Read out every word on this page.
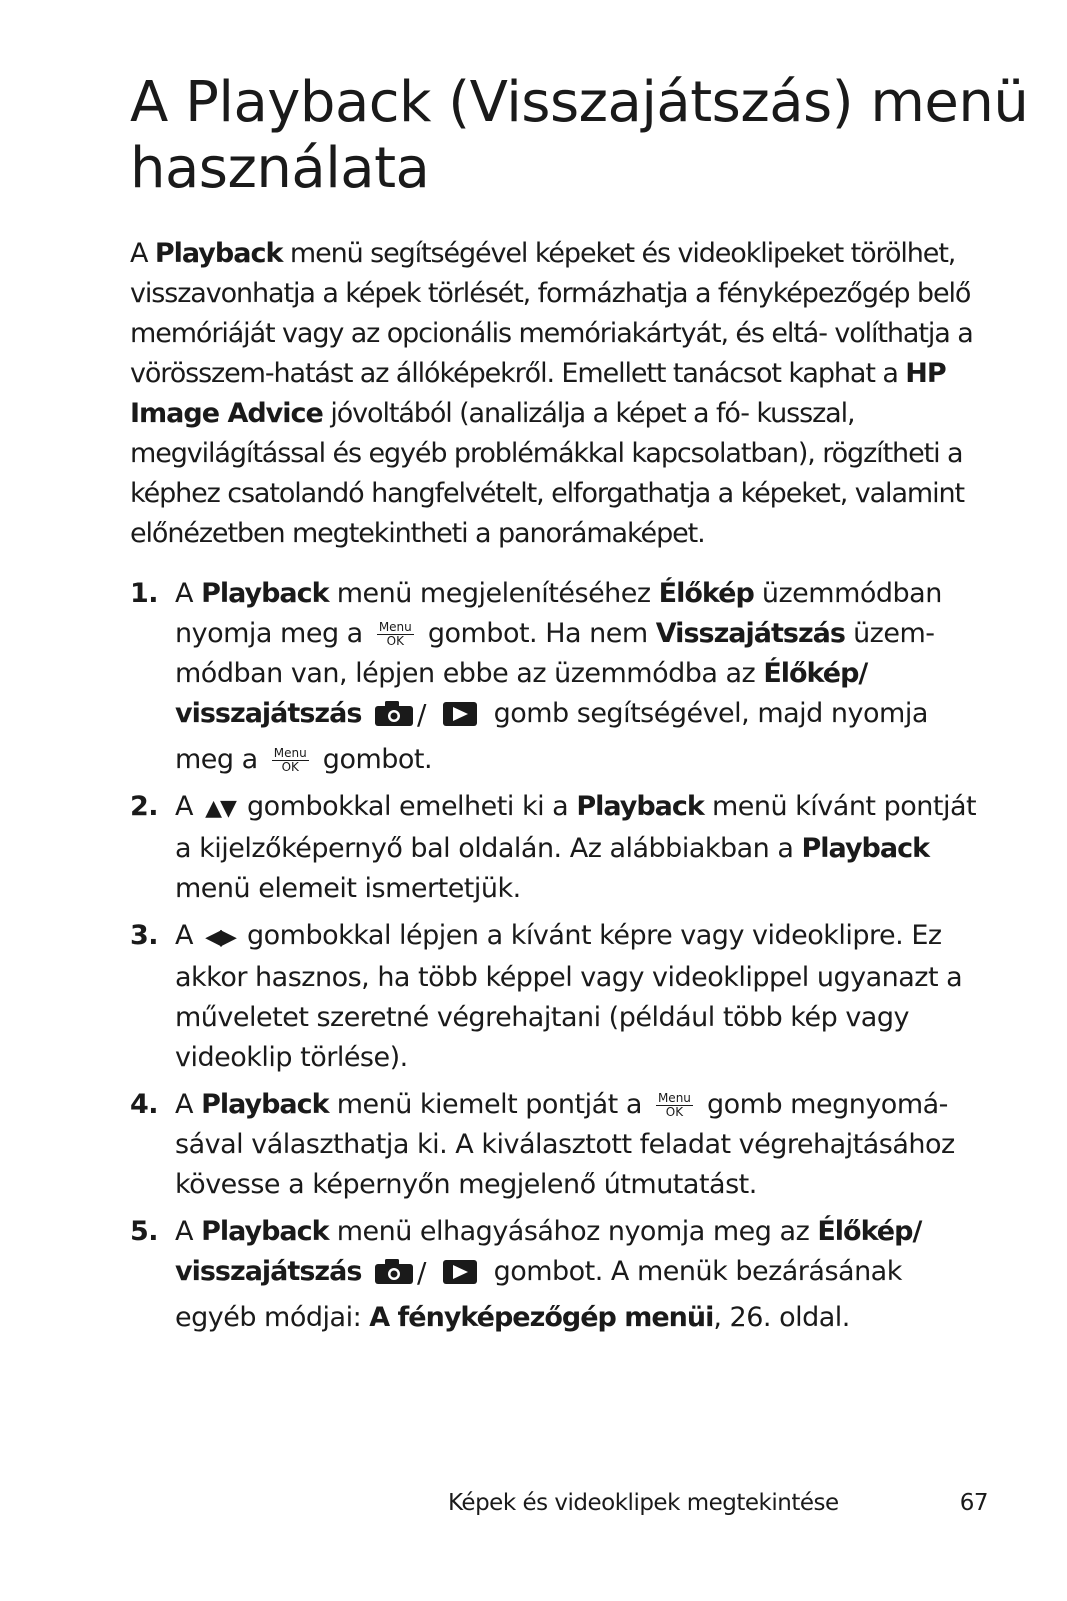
A Playback (Visszajátszás) menü
használata

A Playback menü segítségével képeket és videoklipeket törölhet, visszavonhatja a képek törlését, formázhatja a fényképezőgép belő memóriáját vagy az opcionális memóriakártyát, és eltá- volíthatja a vörösszem-hatást az állóképekről. Emellett tanácsot kaphat a HP Image Advice jóvoltából (analizálja a képet a fó- kusszal, megvilágítással és egyéb problémákkal kapcsolatban), rögzítheti a képhez csatolandó hangfelvételt, elforgathatja a képeket, valamint előnézetben megtekintheti a panorámaképet.

1. A Playback menü megjelenítéséhez Élőkép üzemmódban nyomja meg a Menu
OK gombot. Ha nem Visszajátszás üzem- módban van, lépjen ebbe az üzemmódba az Élőkép/ visszajátszás / gomb segítségével, majd nyomja meg a Menu
OK gombot.
2. A ▲▼ gombokkal emelheti ki a Playback menü kívánt pontját a kijelzőképernyő bal oldalán. Az alábbiakban a Playback menü elemeit ismertetjük.
3. A ◀▶ gombokkal lépjen a kívánt képre vagy videoklipre. Ez akkor hasznos, ha több képpel vagy videoklippel ugyanazt a műveletet szeretné végrehajtani (például több kép vagy videoklip törlése).
4. A Playback menü kiemelt pontját a Menu
OK gomb megnyomá- sával választhatja ki. A kiválasztott feladat végrehajtásához kövesse a képernyőn megjelenő útmutatást.
5. A Playback menü elhagyásához nyomja meg az Élőkép/ visszajátszás / gombot. A menük bezárásának egyéb módjai: A fényképezőgép menüi, 26. oldal.
Képek és videoklipek megtekintése	67
